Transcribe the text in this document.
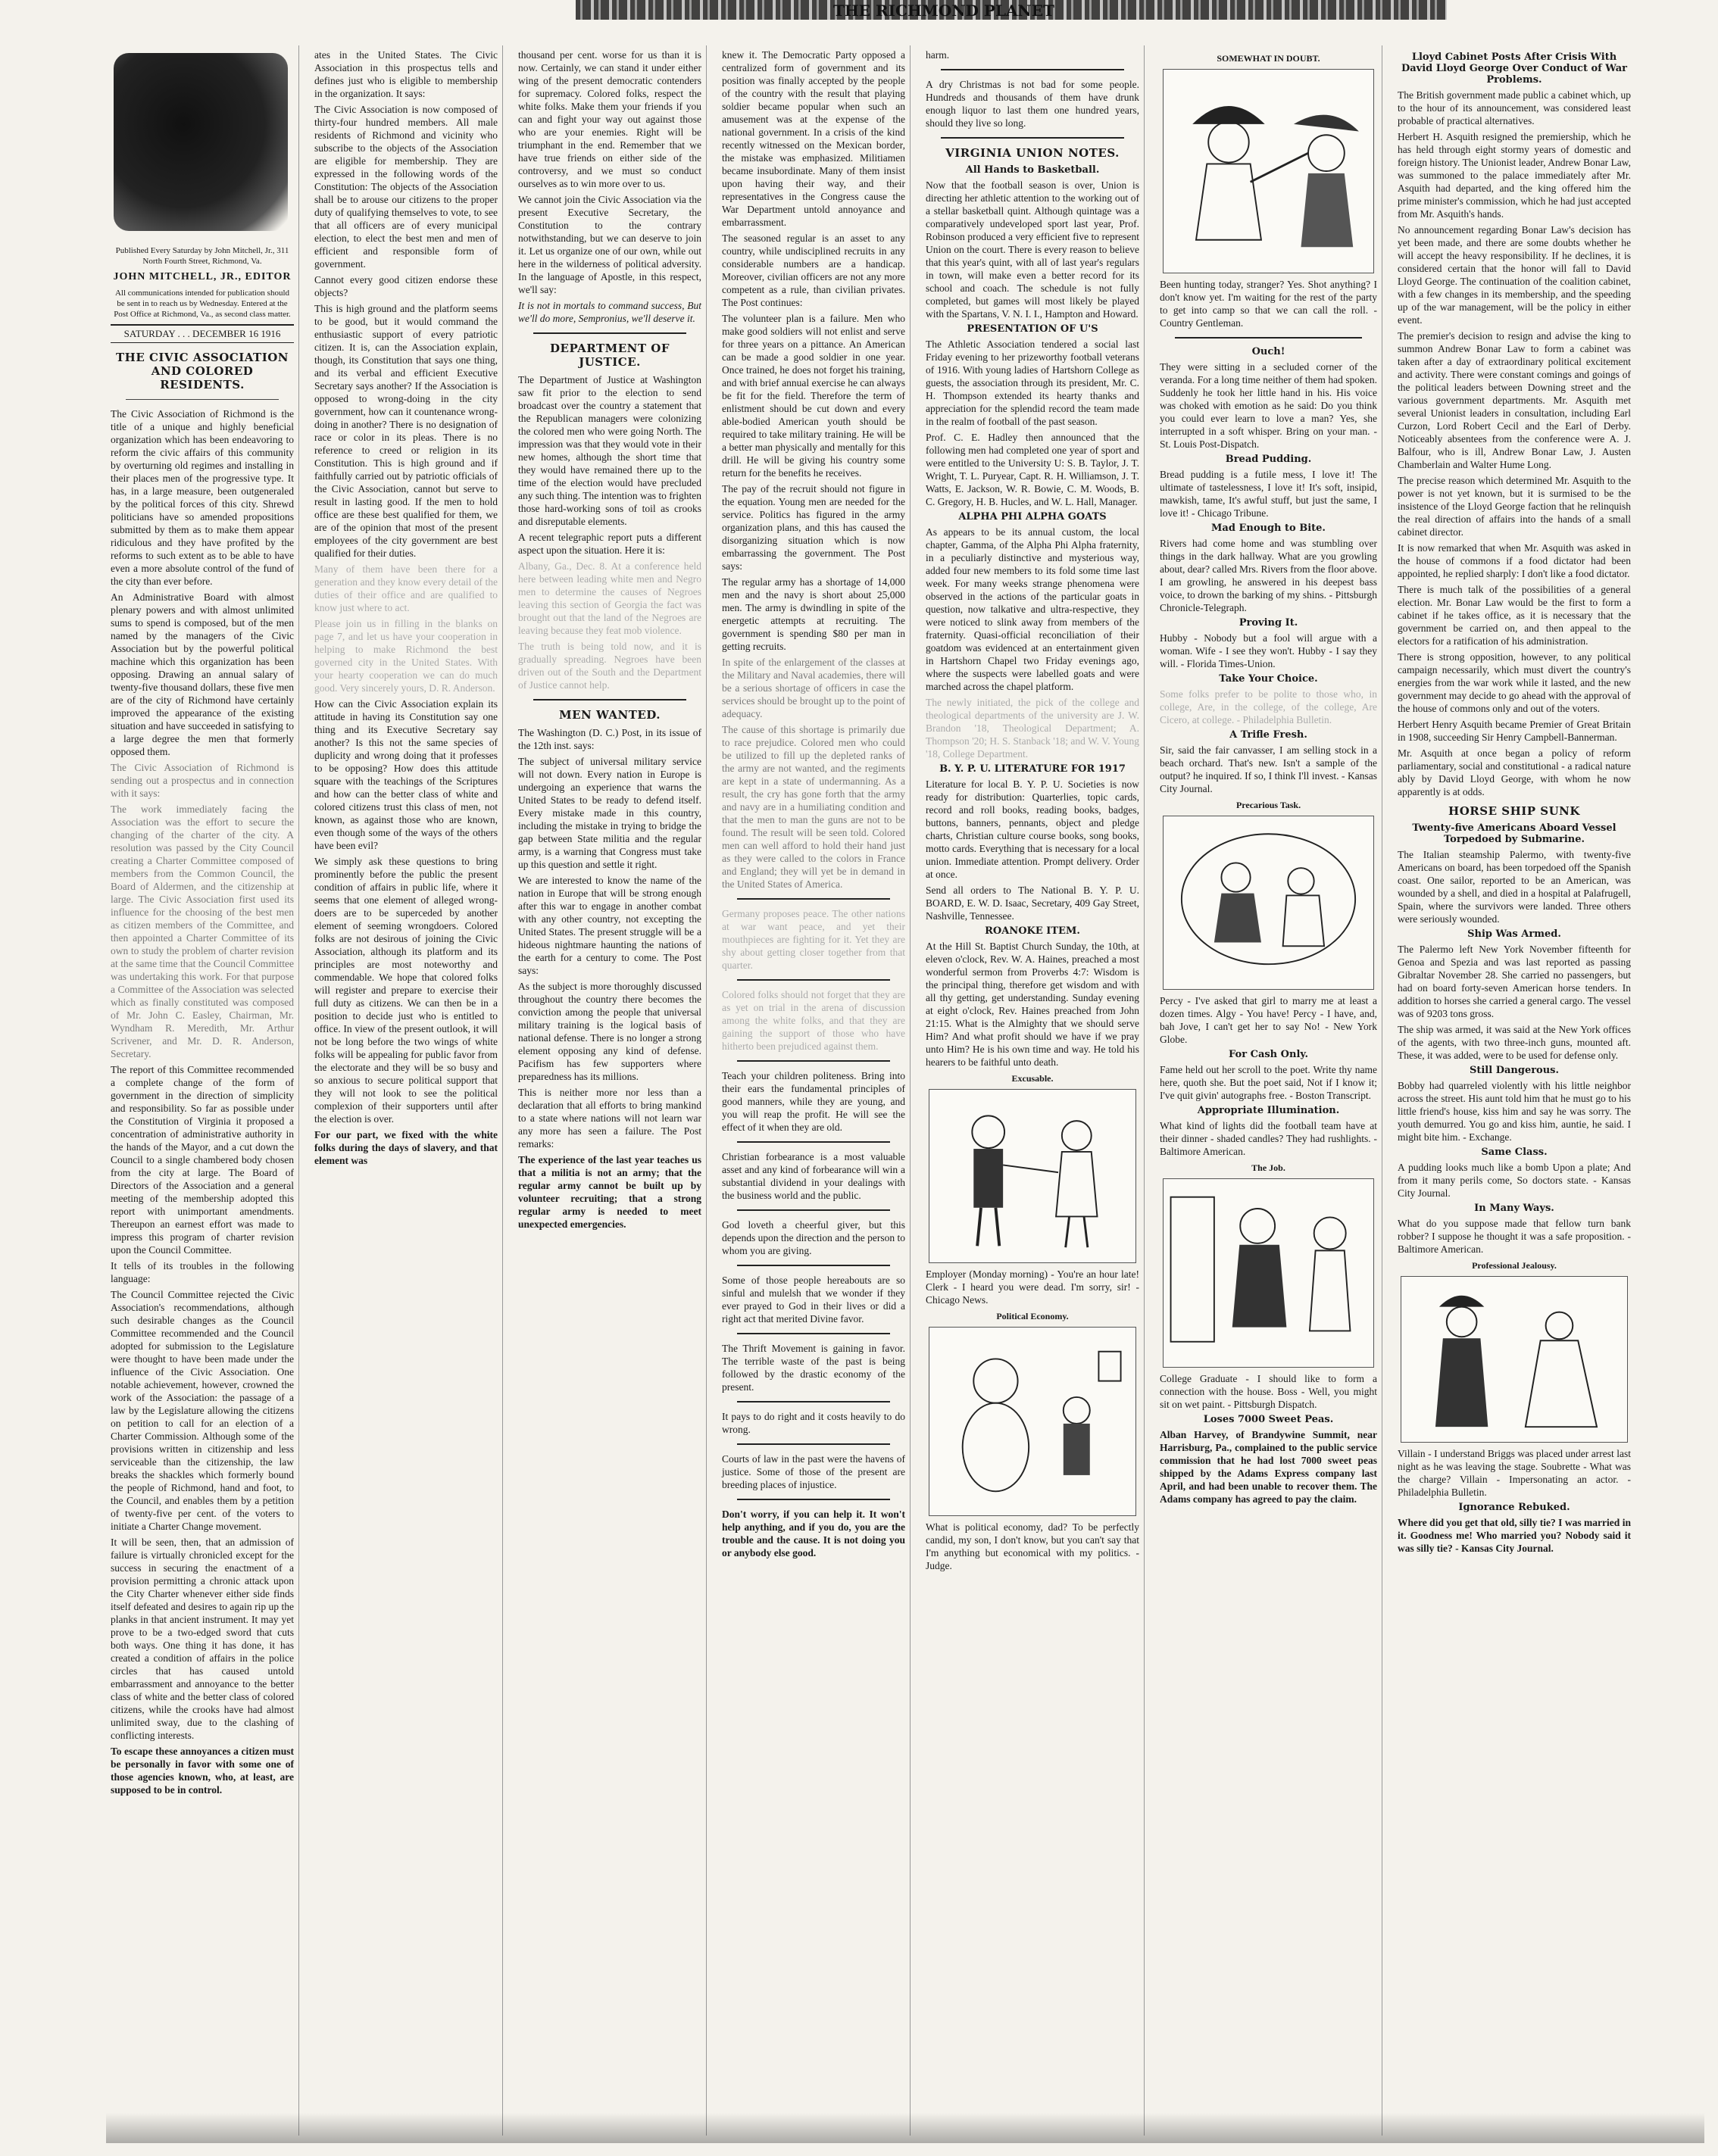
THE RICHMOND PLANET
Published Every Saturday by John Mitchell, Jr., 311 North Fourth Street, Richmond, Va.
JOHN MITCHELL, JR., EDITOR
All communications intended for publication should be sent in to reach us by Wednesday. Entered at the Post Office at Richmond, Va., as second class matter.
SATURDAY . . . DECEMBER 16 1916
THE CIVIC ASSOCIATION AND COLORED RESIDENTS.

The Civic Association of Richmond is the title of a unique and highly beneficial organization which has been endeavoring to reform the civic affairs of this community by overturning old regimes and installing in their places men of the progressive type. It has, in a large measure, been outgeneraled by the political forces of this city. Shrewd politicians have so amended propositions submitted by them as to make them appear ridiculous and they have profited by the reforms to such extent as to be able to have even a more absolute control of the fund of the city than ever before.

An Administrative Board with almost plenary powers and with almost unlimited sums to spend is composed, but of the men named by the managers of the Civic Association but by the powerful political machine which this organization has been opposing. Drawing an annual salary of twenty-five thousand dollars, these five men are of the city of Richmond have certainly improved the appearance of the existing situation and have succeeded in satisfying to a large degree the men that formerly opposed them.

The Civic Association of Richmond is sending out a prospectus and in connection with it says:

The work immediately facing the Association was the effort to secure the changing of the charter of the city. A resolution was passed by the City Council creating a Charter Committee composed of members from the Common Council, the Board of Aldermen, and the citizenship at large. The Civic Association first used its influence for the choosing of the best men as citizen members of the Committee, and then appointed a Charter Committee of its own to study the problem of charter revision at the same time that the Council Committee was undertaking this work. For that purpose a Committee of the Association was selected which as finally constituted was composed of Mr. John C. Easley, Chairman, Mr. Wyndham R. Meredith, Mr. Arthur Scrivener, and Mr. D. R. Anderson, Secretary.

The report of this Committee recommended a complete change of the form of government in the direction of simplicity and responsibility. So far as possible under the Constitution of Virginia it proposed a concentration of administrative authority in the hands of the Mayor, and a cut down the Council to a single chambered body chosen from the city at large. The Board of Directors of the Association and a general meeting of the membership adopted this report with unimportant amendments. Thereupon an earnest effort was made to impress this program of charter revision upon the Council Committee.

It tells of its troubles in the following language:

The Council Committee rejected the Civic Association's recommendations, although such desirable changes as the Council Committee recommended and the Council adopted for submission to the Legislature were thought to have been made under the influence of the Civic Association. One notable achievement, however, crowned the work of the Association: the passage of a law by the Legislature allowing the citizens on petition to call for an election of a Charter Commission. Although some of the provisions written in citizenship and less serviceable than the citizenship, the law breaks the shackles which formerly bound the people of Richmond, hand and foot, to the Council, and enables them by a petition of twenty-five per cent. of the voters to initiate a Charter Change movement.

It will be seen, then, that an admission of failure is virtually chronicled except for the success in securing the enactment of a provision permitting a chronic attack upon the City Charter whenever either side finds itself defeated and desires to again rip up the planks in that ancient instrument. It may yet prove to be a two-edged sword that cuts both ways. One thing it has done, it has created a condition of affairs in the police circles that has caused untold embarrassment and annoyance to the better class of white and the better class of colored citizens, while the crooks have had almost unlimited sway, due to the clashing of conflicting interests.

To escape these annoyances a citizen must be personally in favor with some one of those agencies known, who, at least, are supposed to be in control.

ates in the United States. The Civic Association in this prospectus tells and defines just who is eligible to membership in the organization. It says:

The Civic Association is now composed of thirty-four hundred members. All male residents of Richmond and vicinity who subscribe to the objects of the Association are eligible for membership. They are expressed in the following words of the Constitution: The objects of the Association shall be to arouse our citizens to the proper duty of qualifying themselves to vote, to see that all officers are of every municipal election, to elect the best men and men of efficient and responsible form of government.

Cannot every good citizen endorse these objects?

This is high ground and the platform seems to be good, but it would command the enthusiastic support of every patriotic citizen. It is, can the Association explain, though, its Constitution that says one thing, and its verbal and efficient Executive Secretary says another? If the Association is opposed to wrong-doing in the city government, how can it countenance wrong-doing in another? There is no designation of race or color in its pleas. There is no reference to creed or religion in its Constitution. This is high ground and if faithfully carried out by patriotic officials of the Civic Association, cannot but serve to result in lasting good. If the men to hold office are these best qualified for them, we are of the opinion that most of the present employees of the city government are best qualified for their duties.

Many of them have been there for a generation and they know every detail of the duties of their office and are qualified to know just where to act.

Please join us in filling in the blanks on page 7, and let us have your cooperation in helping to make Richmond the best governed city in the United States. With your hearty cooperation we can do much good. Very sincerely yours, D. R. Anderson.

How can the Civic Association explain its attitude in having its Constitution say one thing and its Executive Secretary say another? Is this not the same species of duplicity and wrong doing that it professes to be opposing? How does this attitude square with the teachings of the Scriptures and how can the better class of white and colored citizens trust this class of men, not known, as against those who are known, even though some of the ways of the others have been evil?

We simply ask these questions to bring prominently before the public the present condition of affairs in public life, where it seems that one element of alleged wrong-doers are to be superceded by another element of seeming wrongdoers. Colored folks are not desirous of joining the Civic Association, although its platform and its principles are most noteworthy and commendable. We hope that colored folks will register and prepare to exercise their full duty as citizens. We can then be in a position to decide just who is entitled to office. In view of the present outlook, it will not be long before the two wings of white folks will be appealing for public favor from the electorate and they will be so busy and so anxious to secure political support that they will not look to see the political complexion of their supporters until after the election is over.

For our part, we fixed with the white folks during the days of slavery, and that element was

thousand per cent. worse for us than it is now. Certainly, we can stand it under either wing of the present democratic contenders for supremacy. Colored folks, respect the white folks. Make them your friends if you can and fight your way out against those who are your enemies. Right will be triumphant in the end. Remember that we have true friends on either side of the controversy, and we must so conduct ourselves as to win more over to us.

We cannot join the Civic Association via the present Executive Secretary, the Constitution to the contrary notwithstanding, but we can deserve to join it. Let us organize one of our own, while out here in the wilderness of political adversity. In the language of Apostle, in this respect, we'll say:

It is not in mortals to command success, But we'll do more, Sempronius, we'll deserve it.

DEPARTMENT OF JUSTICE.

The Department of Justice at Washington saw fit prior to the election to send broadcast over the country a statement that the Republican managers were colonizing the colored men who were going North. The impression was that they would vote in their new homes, although the short time that they would have remained there up to the time of the election would have precluded any such thing. The intention was to frighten those hard-working sons of toil as crooks and disreputable elements.

A recent telegraphic report puts a different aspect upon the situation. Here it is:

Albany, Ga., Dec. 8. At a conference held here between leading white men and Negro men to determine the causes of Negroes leaving this section of Georgia the fact was brought out that the land of the Negroes are leaving because they feat mob violence.

The truth is being told now, and it is gradually spreading. Negroes have been driven out of the South and the Department of Justice cannot help.

MEN WANTED.

The Washington (D. C.) Post, in its issue of the 12th inst. says:

The subject of universal military service will not down. Every nation in Europe is undergoing an experience that warns the United States to be ready to defend itself. Every mistake made in this country, including the mistake in trying to bridge the gap between State militia and the regular army, is a warning that Congress must take up this question and settle it right.

We are interested to know the name of the nation in Europe that will be strong enough after this war to engage in another combat with any other country, not excepting the United States. The present struggle will be a hideous nightmare haunting the nations of the earth for a century to come. The Post says:

As the subject is more thoroughly discussed throughout the country there becomes the conviction among the people that universal military training is the logical basis of national defense. There is no longer a strong element opposing any kind of defense. Pacifism has few supporters where preparedness has its millions.

This is neither more nor less than a declaration that all efforts to bring mankind to a state where nations will not learn war any more has seen a failure. The Post remarks:

The experience of the last year teaches us that a militia is not an army; that the regular army cannot be built up by volunteer recruiting; that a strong regular army is needed to meet unexpected emergencies.

knew it. The Democratic Party opposed a centralized form of government and its position was finally accepted by the people of the country with the result that playing soldier became popular when such an amusement was at the expense of the national government. In a crisis of the kind recently witnessed on the Mexican border, the mistake was emphasized. Militiamen became insubordinate. Many of them insist upon having their way, and their representatives in the Congress cause the War Department untold annoyance and embarrassment.

The seasoned regular is an asset to any country, while undisciplined recruits in any considerable numbers are a handicap. Moreover, civilian officers are not any more competent as a rule, than civilian privates. The Post continues:

The volunteer plan is a failure. Men who make good soldiers will not enlist and serve for three years on a pittance. An American can be made a good soldier in one year. Once trained, he does not forget his training, and with brief annual exercise he can always be fit for the field. Therefore the term of enlistment should be cut down and every able-bodied American youth should be required to take military training. He will be a better man physically and mentally for this drill. He will be giving his country some return for the benefits he receives.

The pay of the recruit should not figure in the equation. Young men are needed for the service. Politics has figured in the army organization plans, and this has caused the disorganizing situation which is now embarrassing the government. The Post says:

The regular army has a shortage of 14,000 men and the navy is short about 25,000 men. The army is dwindling in spite of the energetic attempts at recruiting. The government is spending $80 per man in getting recruits.

In spite of the enlargement of the classes at the Military and Naval academies, there will be a serious shortage of officers in case the services should be brought up to the point of adequacy.

The cause of this shortage is primarily due to race prejudice. Colored men who could be utilized to fill up the depleted ranks of the army are not wanted, and the regiments are kept in a state of undermanning. As a result, the cry has gone forth that the army and navy are in a humiliating condition and that the men to man the guns are not to be found. The result will be seen told. Colored men can well afford to hold their hand just as they were called to the colors in France and England; they will yet be in demand in the United States of America.

Germany proposes peace. The other nations at war want peace, and yet their mouthpieces are fighting for it. Yet they are shy about getting closer together from that quarter.

Colored folks should not forget that they are as yet on trial in the arena of discussion among the white folks, and that they are gaining the support of those who have hitherto been prejudiced against them.

Teach your children politeness. Bring into their ears the fundamental principles of good manners, while they are young, and you will reap the profit. He will see the effect of it when they are old.

Christian forbearance is a most valuable asset and any kind of forbearance will win a substantial dividend in your dealings with the business world and the public.

God loveth a cheerful giver, but this depends upon the direction and the person to whom you are giving.

Some of those people hereabouts are so sinful and mulelsh that we wonder if they ever prayed to God in their lives or did a right act that merited Divine favor.

The Thrift Movement is gaining in favor. The terrible waste of the past is being followed by the drastic economy of the present.

It pays to do right and it costs heavily to do wrong.

Courts of law in the past were the havens of justice. Some of those of the present are breeding places of injustice.

Don't worry, if you can help it. It won't help anything, and if you do, you are the trouble and the cause. It is not doing you or anybody else good.

harm.

A dry Christmas is not bad for some people. Hundreds and thousands of them have drunk enough liquor to last them one hundred years, should they live so long.

VIRGINIA UNION NOTES.
All Hands to Basketball.

Now that the football season is over, Union is directing her athletic attention to the working out of a stellar basketball quint. Although quintage was a comparatively undeveloped sport last year, Prof. Robinson produced a very efficient five to represent Union on the court. There is every reason to believe that this year's quint, with all of last year's regulars in town, will make even a better record for its school and coach. The schedule is not fully completed, but games will most likely be played with the Spartans, V. N. I. I., Hampton and Howard.

PRESENTATION OF U'S

The Athletic Association tendered a social last Friday evening to her prizeworthy football veterans of 1916. With young ladies of Hartshorn College as guests, the association through its president, Mr. C. H. Thompson extended its hearty thanks and appreciation for the splendid record the team made in the realm of football of the past season.

Prof. C. E. Hadley then announced that the following men had completed one year of sport and were entitled to the University U: S. B. Taylor, J. T. Wright, T. L. Puryear, Capt. R. H. Williamson, J. T. Watts, E. Jackson, W. R. Bowie, C. M. Woods, B. C. Gregory, H. B. Hucles, and W. L. Hall, Manager.

ALPHA PHI ALPHA GOATS

As appears to be its annual custom, the local chapter, Gamma, of the Alpha Phi Alpha fraternity, in a peculiarly distinctive and mysterious way, added four new members to its fold some time last week. For many weeks strange phenomena were observed in the actions of the particular goats in question, now talkative and ultra-respective, they were noticed to slink away from members of the fraternity. Quasi-official reconciliation of their goatdom was evidenced at an entertainment given in Hartshorn Chapel two Friday evenings ago, where the suspects were labelled goats and were marched across the chapel platform.

The newly initiated, the pick of the college and theological departments of the university are J. W. Brandon '18, Theological Department; A. Thompson '20; H. S. Stanback '18; and W. V. Young '18, College Department.

B. Y. P. U. LITERATURE FOR 1917

Literature for local B. Y. P. U. Societies is now ready for distribution: Quarterlies, topic cards, record and roll books, reading books, badges, buttons, banners, pennants, object and pledge charts, Christian culture course books, song books, motto cards. Everything that is necessary for a local union. Immediate attention. Prompt delivery. Order at once.

Send all orders to The National B. Y. P. U. BOARD, E. W. D. Isaac, Secretary, 409 Gay Street, Nashville, Tennessee.

ROANOKE ITEM.

At the Hill St. Baptist Church Sunday, the 10th, at eleven o'clock, Rev. W. A. Haines, preached a most wonderful sermon from Proverbs 4:7: Wisdom is the principal thing, therefore get wisdom and with all thy getting, get understanding. Sunday evening at eight o'clock, Rev. Haines preached from John 21:15. What is the Almighty that we should serve Him? And what profit should we have if we pray unto Him? He is his own time and way. He told his hearers to be faithful unto death.

Excusable.

Employer (Monday morning) - You're an hour late! Clerk - I heard you were dead. I'm sorry, sir! - Chicago News.

Political Economy.

What is political economy, dad? To be perfectly candid, my son, I don't know, but you can't say that I'm anything but economical with my politics. - Judge.

SOMEWHAT IN DOUBT.

Been hunting today, stranger? Yes. Shot anything? I don't know yet. I'm waiting for the rest of the party to get into camp so that we can call the roll. - Country Gentleman.

Ouch!

They were sitting in a secluded corner of the veranda. For a long time neither of them had spoken. Suddenly he took her little hand in his. His voice was choked with emotion as he said: Do you think you could ever learn to love a man? Yes, she interrupted in a soft whisper. Bring on your man. - St. Louis Post-Dispatch.

Bread Pudding.

Bread pudding is a futile mess, I love it! The ultimate of tastelessness, I love it! It's soft, insipid, mawkish, tame, It's awful stuff, but just the same, I love it! - Chicago Tribune.

Mad Enough to Bite.

Rivers had come home and was stumbling over things in the dark hallway. What are you growling about, dear? called Mrs. Rivers from the floor above. I am growling, he answered in his deepest bass voice, to drown the barking of my shins. - Pittsburgh Chronicle-Telegraph.

Proving It.

Hubby - Nobody but a fool will argue with a woman. Wife - I see they won't. Hubby - I say they will. - Florida Times-Union.

Take Your Choice.

Some folks prefer to be polite to those who, in college, Are, in the college, of the college, Are Cicero, at college. - Philadelphia Bulletin.

A Trifle Fresh.

Sir, said the fair canvasser, I am selling stock in a beach orchard. That's new. Isn't a sample of the output? he inquired. If so, I think I'll invest. - Kansas City Journal.

Precarious Task.

Percy - I've asked that girl to marry me at least a dozen times. Algy - You have! Percy - I have, and, bah Jove, I can't get her to say No! - New York Globe.

For Cash Only.

Fame held out her scroll to the poet. Write thy name here, quoth she. But the poet said, Not if I know it; I've quit givin' autographs free. - Boston Transcript.

Appropriate Illumination.

What kind of lights did the football team have at their dinner - shaded candles? They had rushlights. - Baltimore American.

The Job.

College Graduate - I should like to form a connection with the house. Boss - Well, you might sit on wet paint. - Pittsburgh Dispatch.

Loses 7000 Sweet Peas.

Alban Harvey, of Brandywine Summit, near Harrisburg, Pa., complained to the public service commission that he had lost 7000 sweet peas shipped by the Adams Express company last April, and had been unable to recover them. The Adams company has agreed to pay the claim.

Lloyd Cabinet Posts After Crisis With David Lloyd George Over Conduct of War Problems.

The British government made public a cabinet which, up to the hour of its announcement, was considered least probable of practical alternatives.

Herbert H. Asquith resigned the premiership, which he has held through eight stormy years of domestic and foreign history. The Unionist leader, Andrew Bonar Law, was summoned to the palace immediately after Mr. Asquith had departed, and the king offered him the prime minister's commission, which he had just accepted from Mr. Asquith's hands.

No announcement regarding Bonar Law's decision has yet been made, and there are some doubts whether he will accept the heavy responsibility. If he declines, it is considered certain that the honor will fall to David Lloyd George. The continuation of the coalition cabinet, with a few changes in its membership, and the speeding up of the war management, will be the policy in either event.

The premier's decision to resign and advise the king to summon Andrew Bonar Law to form a cabinet was taken after a day of extraordinary political excitement and activity. There were constant comings and goings of the political leaders between Downing street and the various government departments. Mr. Asquith met several Unionist leaders in consultation, including Earl Curzon, Lord Robert Cecil and the Earl of Derby. Noticeably absentees from the conference were A. J. Balfour, who is ill, Andrew Bonar Law, J. Austen Chamberlain and Walter Hume Long.

The precise reason which determined Mr. Asquith to the power is not yet known, but it is surmised to be the insistence of the Lloyd George faction that he relinquish the real direction of affairs into the hands of a small cabinet director.

It is now remarked that when Mr. Asquith was asked in the house of commons if a food dictator had been appointed, he replied sharply: I don't like a food dictator.

There is much talk of the possibilities of a general election. Mr. Bonar Law would be the first to form a cabinet if he takes office, as it is necessary that the government be carried on, and then appeal to the electors for a ratification of his administration.

There is strong opposition, however, to any political campaign necessarily, which must divert the country's energies from the war work while it lasted, and the new government may decide to go ahead with the approval of the house of commons only and out of the voters.

Herbert Henry Asquith became Premier of Great Britain in 1908, succeeding Sir Henry Campbell-Bannerman.

Mr. Asquith at once began a policy of reform parliamentary, social and constitutional - a radical nature ably by David Lloyd George, with whom he now apparently is at odds.

HORSE SHIP SUNK
Twenty-five Americans Aboard Vessel Torpedoed by Submarine.

The Italian steamship Palermo, with twenty-five Americans on board, has been torpedoed off the Spanish coast. One sailor, reported to be an American, was wounded by a shell, and died in a hospital at Palafrugell, Spain, where the survivors were landed. Three others were seriously wounded.

Ship Was Armed.

The Palermo left New York November fifteenth for Genoa and Spezia and was last reported as passing Gibraltar November 28. She carried no passengers, but had on board forty-seven American horse tenders. In addition to horses she carried a general cargo. The vessel was of 9203 tons gross.

The ship was armed, it was said at the New York offices of the agents, with two three-inch guns, mounted aft. These, it was added, were to be used for defense only.

Still Dangerous.

Bobby had quarreled violently with his little neighbor across the street. His aunt told him that he must go to his little friend's house, kiss him and say he was sorry. The youth demurred. You go and kiss him, auntie, he said. I might bite him. - Exchange.

Same Class.

A pudding looks much like a bomb Upon a plate; And from it many perils come, So doctors state. - Kansas City Journal.

In Many Ways.

What do you suppose made that fellow turn bank robber? I suppose he thought it was a safe proposition. - Baltimore American.

Professional Jealousy.

Villain - I understand Briggs was placed under arrest last night as he was leaving the stage. Soubrette - What was the charge? Villain - Impersonating an actor. - Philadelphia Bulletin.

Ignorance Rebuked.

Where did you get that old, silly tie? I was married in it. Goodness me! Who married you? Nobody said it was silly tie? - Kansas City Journal.
